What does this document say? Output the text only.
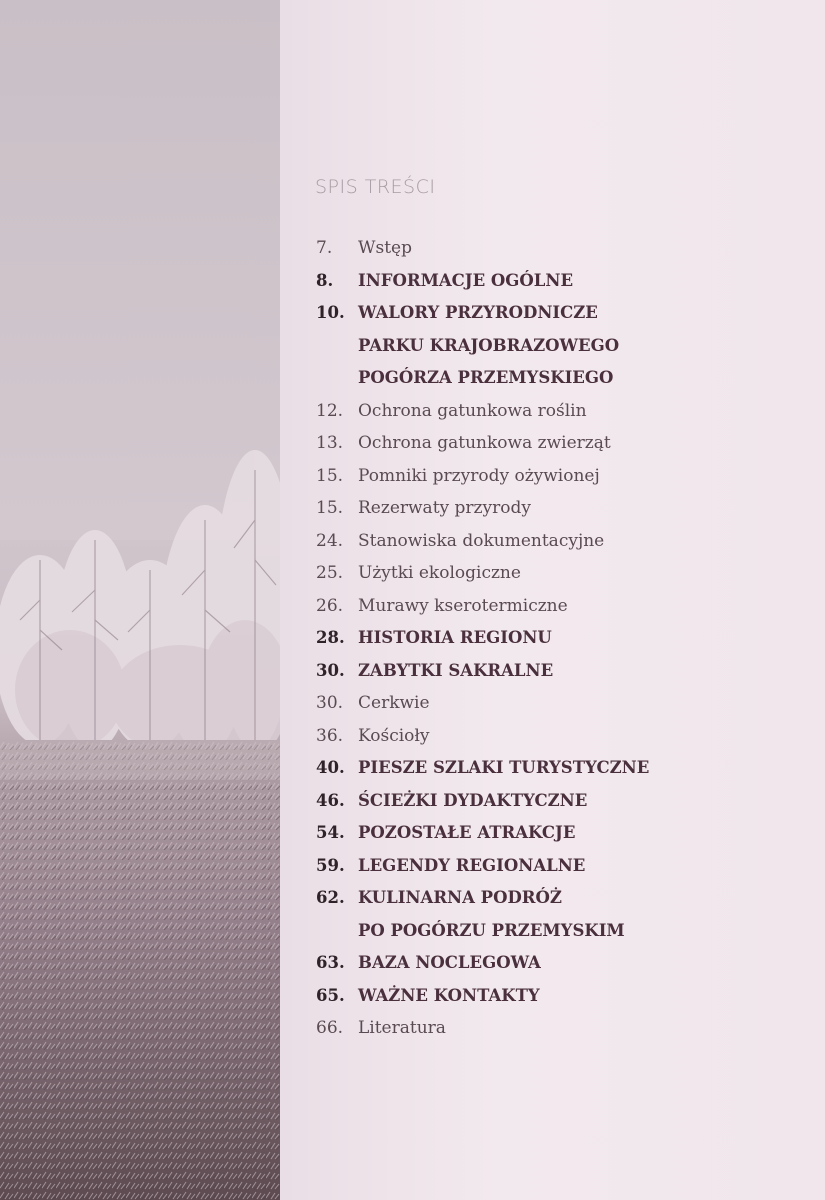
SPIS TREŚCI
7. Wstęp
8. INFORMACJE OGÓLNE
10. WALORY PRZYRODNICZE
PARKU KRAJOBRAZOWEGO
POGÓRZA PRZEMYSKIEGO
12. Ochrona gatunkowa roślin
13. Ochrona gatunkowa zwierząt
15. Pomniki przyrody ożywionej
15. Rezerwaty przyrody
24. Stanowiska dokumentacyjne
25. Użytki ekologiczne
26. Murawy kserotermiczne
28. HISTORIA REGIONU
30. ZABYTKI SAKRALNE
30. Cerkwie
36. Kościoły
40. PIESZE SZLAKI TURYSTYCZNE
46. ŚCIEŻKI DYDAKTYCZNE
54. POZOSTAŁE ATRAKCJE
59. LEGENDY REGIONALNE
62. KULINARNA PODRÓŻ
PO POGÓRZU PRZEMYSKIM
63. BAZA NOCLEGOWA
65. WAŻNE KONTAKTY
66. Literatura
